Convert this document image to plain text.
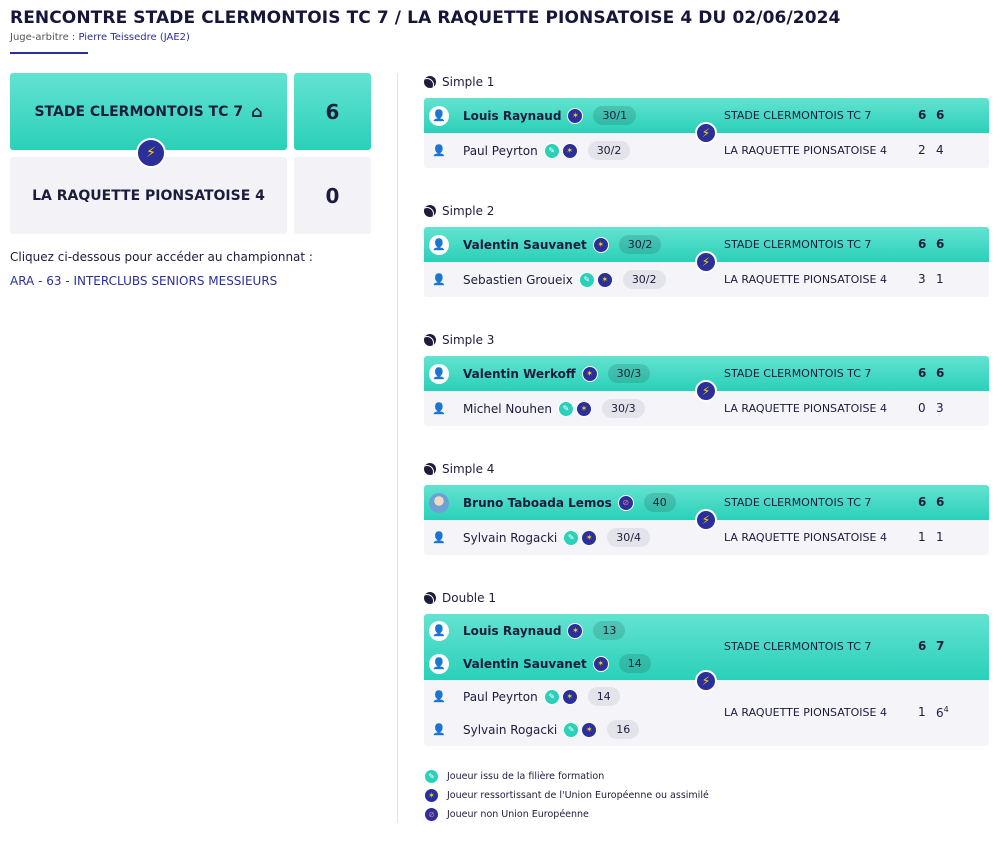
RENCONTRE STADE CLERMONTOIS TC 7 / LA RAQUETTE PIONSATOISE 4 DU 02/06/2024
Juge-arbitre : Pierre Teissedre (JAE2)
STADE CLERMONTOIS TC 7 ⌂	6
⚡
LA RAQUETTE PIONSATOISE 4	0
Cliquez ci-dessous pour accéder au championnat :
ARA - 63 - INTERCLUBS SENIORS MESSIEURS
Simple 1
👤 Louis Raynaud	✶	30/1	STADE CLERMONTOIS TC 7	6 6
👤 Paul Peyrton	✎	✶	30/2	LA RAQUETTE PIONSATOISE 4	2 4
⚡
Simple 2
👤 Valentin Sauvanet	✶	30/2	STADE CLERMONTOIS TC 7	6 6
👤 Sebastien Groueix	✎	✶	30/2	LA RAQUETTE PIONSATOISE 4	3 1
⚡
Simple 3
👤 Valentin Werkoff	✶	30/3	STADE CLERMONTOIS TC 7	6 6
👤 Michel Nouhen	✎	✶	30/3	LA RAQUETTE PIONSATOISE 4	0 3
⚡
Simple 4
Bruno Taboada Lemos	⊘	40	STADE CLERMONTOIS TC 7	6 6
👤 Sylvain Rogacki	✎	✶	30/4	LA RAQUETTE PIONSATOISE 4	1 1
⚡
Double 1
👤 Louis Raynaud	✶	13
👤 Valentin Sauvanet	✶	14
STADE CLERMONTOIS TC 7	6 7
👤 Paul Peyrton	✎	✶	14
👤 Sylvain Rogacki	✎	✶	16
LA RAQUETTE PIONSATOISE 4	1 $6^4$
⚡
✎	Joueur issu de la filière formation
✶	Joueur ressortissant de l'Union Européenne ou assimilé
⊘	Joueur non Union Européenne
